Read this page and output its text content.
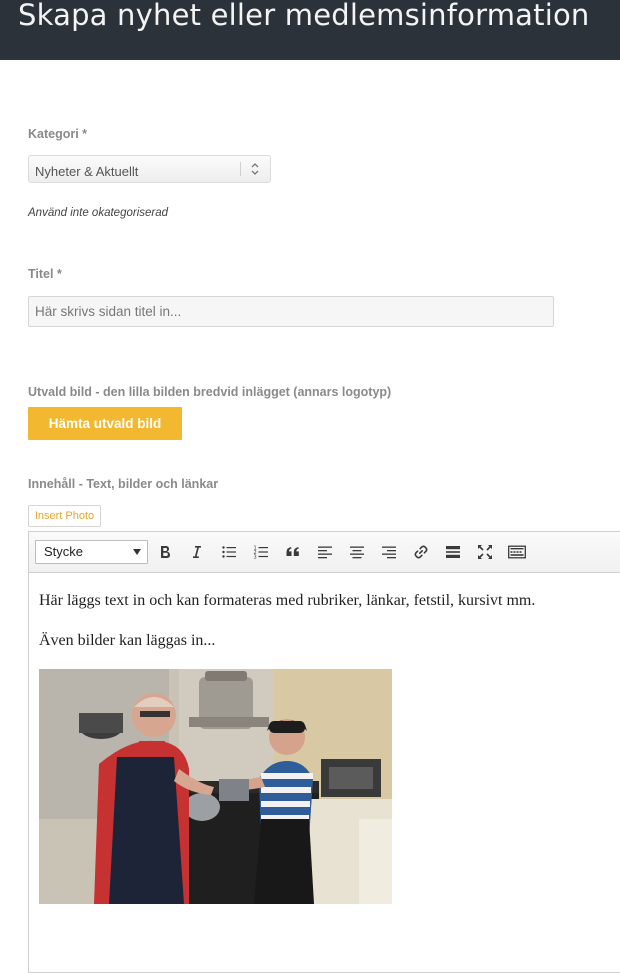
Skapa nyhet eller medlemsinformation
Kategori *
Nyheter & Aktuellt
Använd inte okategoriserad
Titel *
Här skrivs sidan titel in...
Utvald bild - den lilla bilden bredvid inlägget (annars logotyp)
Hämta utvald bild
Innehåll - Text, bilder och länkar
Insert Photo
Stycke	1
2
3

Här läggs text in och kan formateras med rubriker, länkar, fetstil, kursivt mm.

Även bilder kan läggas in...
